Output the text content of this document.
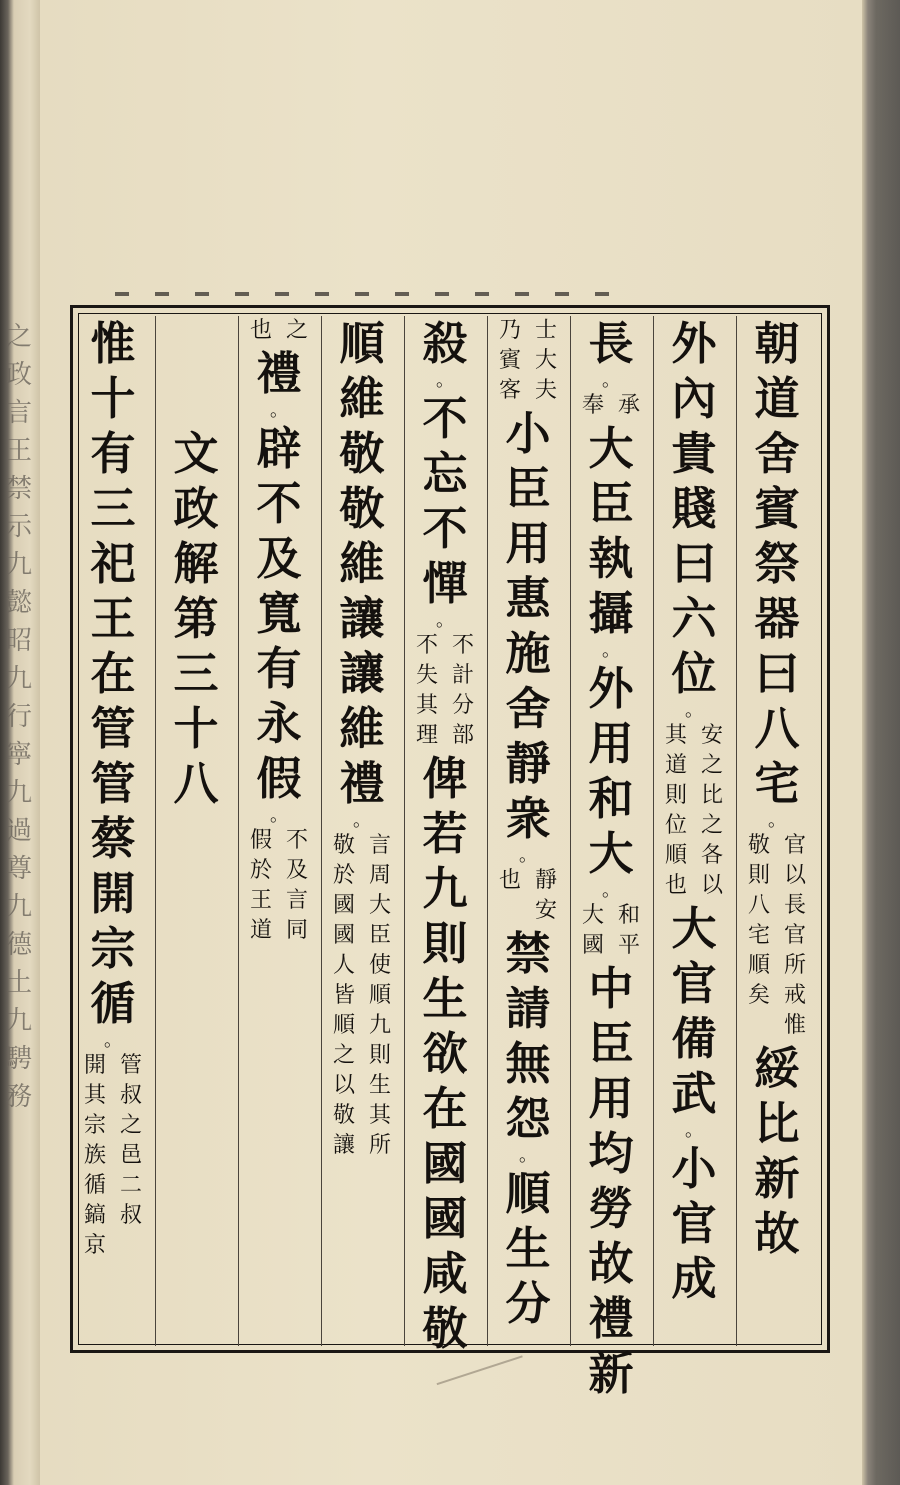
之
政
言
王
禁
示
九
懿
昭
九
行
寧
九
過
尊
九
德
土
九
騁
務
朝
道
舍
賓
祭
器
曰
八
宅
。
官
以
長
官
所
戒
惟
敬
則
八
宅
順
矣
綏
比
新
故
外
內
貴
賤
曰
六
位
。
安
之
比
之
各
以
其
道
則
位
順
也
大
官
備
武
。
小
官
成
長
。
承
奉
大
臣
執
攝
。
外
用
和
大
。
和
平
大
國
中
臣
用
均
勞
故
禮
新
士
大
夫
乃
賓
客
小
臣
用
惠
施
舍
靜
衆
。
靜
安
也
禁
請
無
怨
。
順
生
分
殺
。
不
忘
不
憚
。
不
計
分
部
不
失
其
理
俾
若
九
則
生
欲
在
國
國
咸
敬
順
維
敬
敬
維
讓
讓
維
禮
。
言
周
大
臣
使
順
九
則
生
其
所
敬
於
國
國
人
皆
順
之
以
敬
讓
之
也
禮
。
辟
不
及
寬
有
永
假
。
不
及
言
同
假
於
王
道
文
政
解
第
三
十
八
惟
十
有
三
祀
王
在
管
管
蔡
開
宗
循
。
管
叔
之
邑
二
叔
開
其
宗
族
循
鎬
京
